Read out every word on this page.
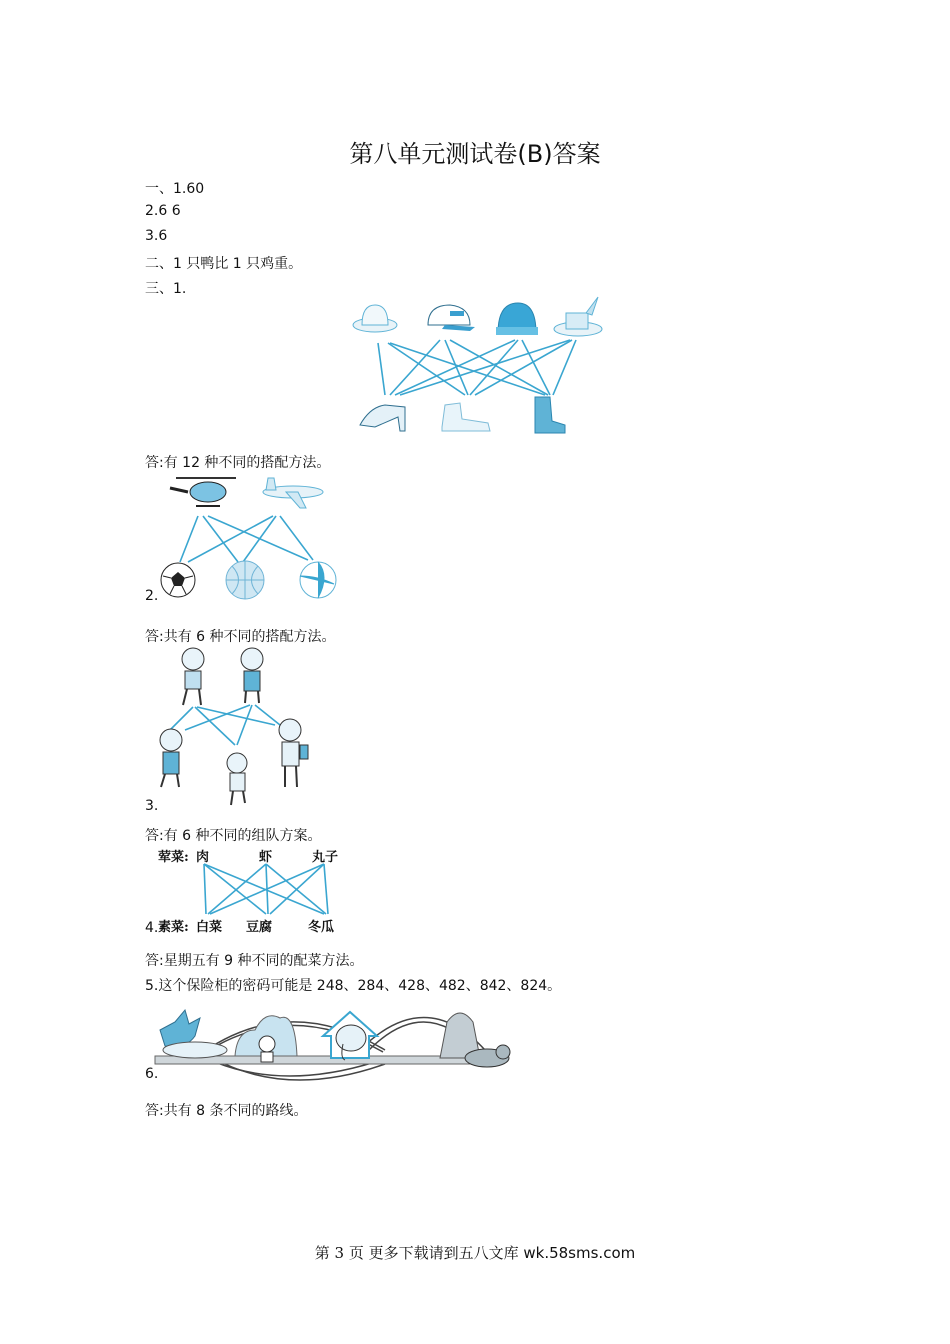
第八单元测试卷(B)答案
一、1.60
2.6 6
3.6
二、1 只鸭比 1 只鸡重。
三、1.
答:有 12 种不同的搭配方法。
2.
答:共有 6 种不同的搭配方法。
3.
答:有 6 种不同的组队方案。
4.
荤菜: 肉	虾	丸子
素菜: 白菜 豆腐	冬瓜
答:星期五有 9 种不同的配菜方法。
5.这个保险柜的密码可能是 248、284、428、482、842、824。
6.
答:共有 8 条不同的路线。
第 3 页 更多下载请到五八文库 wk.58sms.com
